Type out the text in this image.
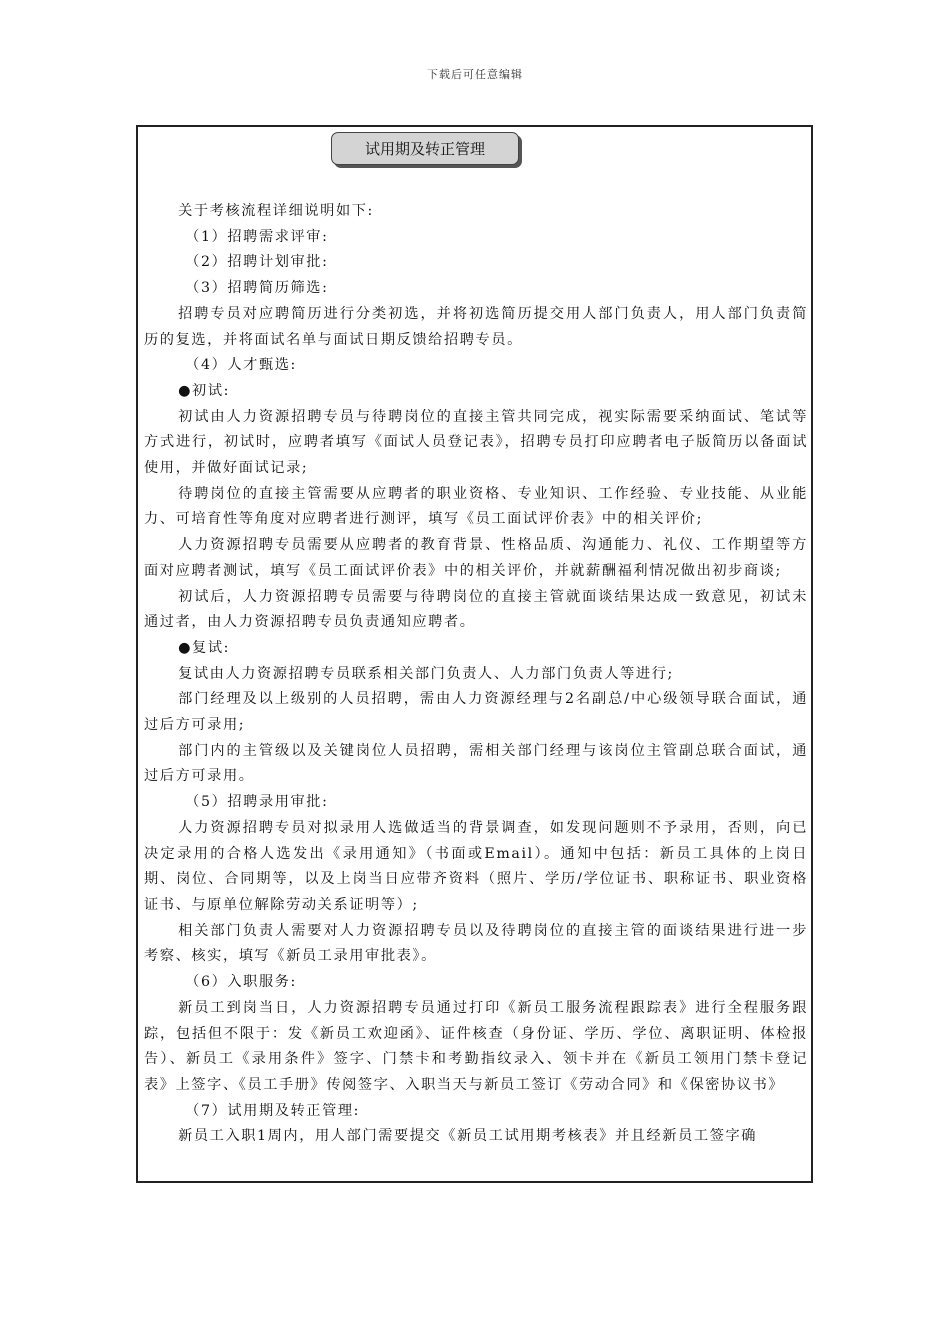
下载后可任意编辑
试用期及转正管理

关于考核流程详细说明如下:

（1）招聘需求评审:

（2）招聘计划审批:

（3）招聘简历筛选:

招聘专员对应聘简历进行分类初选，并将初选简历提交用人部门负责人，用人部门负责简历的复选，并将面试名单与面试日期反馈给招聘专员。

（4）人才甄选:

●初试:

初试由人力资源招聘专员与待聘岗位的直接主管共同完成，视实际需要采纳面试、笔试等方式进行，初试时，应聘者填写《面试人员登记表》，招聘专员打印应聘者电子版简历以备面试使用，并做好面试记录;

待聘岗位的直接主管需要从应聘者的职业资格、专业知识、工作经验、专业技能、从业能力、可培育性等角度对应聘者进行测评，填写《员工面试评价表》中的相关评价;

人力资源招聘专员需要从应聘者的教育背景、性格品质、沟通能力、礼仪、工作期望等方面对应聘者测试，填写《员工面试评价表》中的相关评价，并就薪酬福利情况做出初步商谈;

初试后，人力资源招聘专员需要与待聘岗位的直接主管就面谈结果达成一致意见，初试未通过者，由人力资源招聘专员负责通知应聘者。

●复试:

复试由人力资源招聘专员联系相关部门负责人、人力部门负责人等进行;

部门经理及以上级别的人员招聘，需由人力资源经理与2名副总/中心级领导联合面试，通过后方可录用;

部门内的主管级以及关键岗位人员招聘，需相关部门经理与该岗位主管副总联合面试，通过后方可录用。

（5）招聘录用审批:

人力资源招聘专员对拟录用人选做适当的背景调查，如发现问题则不予录用，否则，向已决定录用的合格人选发出《录用通知》（书面或Email）。通知中包括：新员工具体的上岗日期、岗位、合同期等，以及上岗当日应带齐资料（照片、学历/学位证书、职称证书、职业资格证书、与原单位解除劳动关系证明等）;

相关部门负责人需要对人力资源招聘专员以及待聘岗位的直接主管的面谈结果进行进一步考察、核实，填写《新员工录用审批表》。

（6）入职服务:

新员工到岗当日，人力资源招聘专员通过打印《新员工服务流程跟踪表》进行全程服务跟踪，包括但不限于：发《新员工欢迎函》、证件核查（身份证、学历、学位、离职证明、体检报告）、新员工《录用条件》签字、门禁卡和考勤指纹录入、领卡并在《新员工领用门禁卡登记表》上签字、《员工手册》传阅签字、入职当天与新员工签订《劳动合同》和《保密协议书》

（7）试用期及转正管理:

新员工入职1周内，用人部门需要提交《新员工试用期考核表》并且经新员工签字确
